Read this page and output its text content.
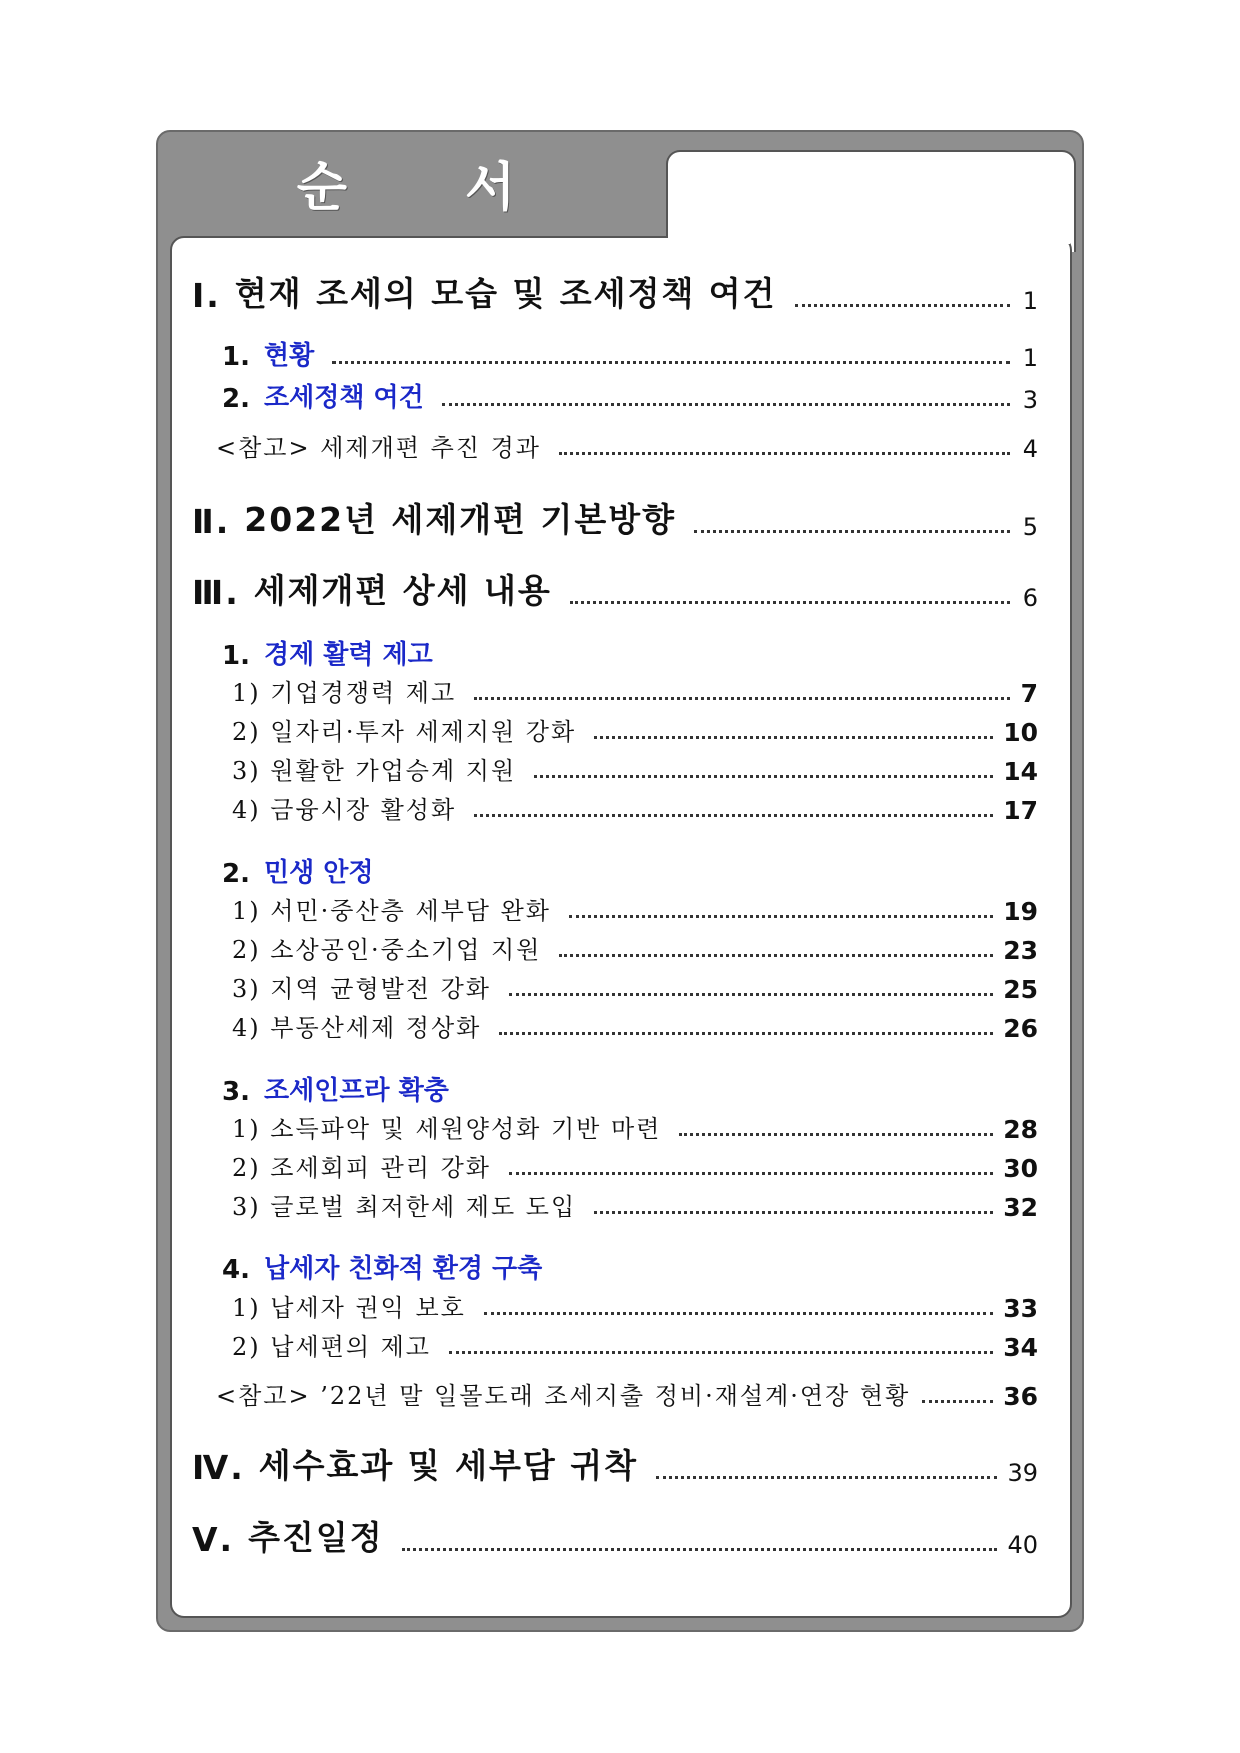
순 서
Ⅰ. 현재 조세의 모습 및 조세정책 여건	1
1. 현황	1
2. 조세정책 여건	3
<참고> 세제개편 추진 경과	4
Ⅱ. 2022년 세제개편 기본방향	5
Ⅲ. 세제개편 상세 내용	6
1. 경제 활력 제고
1) 기업경쟁력 제고	7
2) 일자리·투자 세제지원 강화	10
3) 원활한 가업승계 지원	14
4) 금융시장 활성화	17
2. 민생 안정
1) 서민·중산층 세부담 완화	19
2) 소상공인·중소기업 지원	23
3) 지역 균형발전 강화	25
4) 부동산세제 정상화	26
3. 조세인프라 확충
1) 소득파악 및 세원양성화 기반 마련	28
2) 조세회피 관리 강화	30
3) 글로벌 최저한세 제도 도입	32
4. 납세자 친화적 환경 구축
1) 납세자 권익 보호	33
2) 납세편의 제고	34
<참고> ’22년 말 일몰도래 조세지출 정비·재설계·연장 현황	36
Ⅳ. 세수효과 및 세부담 귀착	39
Ⅴ. 추진일정	40
